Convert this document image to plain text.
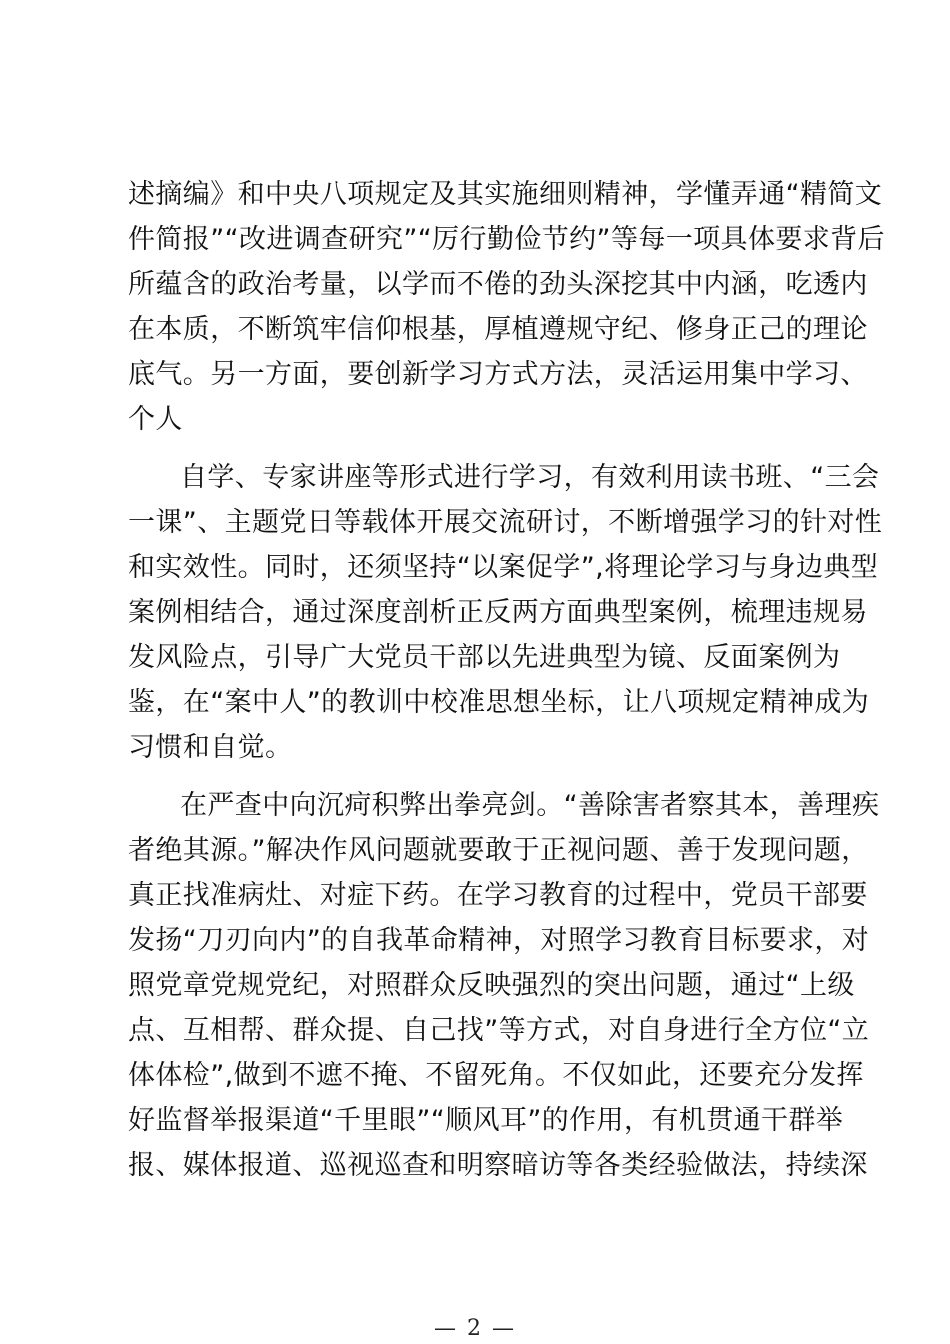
述摘编》和中央八项规定及其实施细则精神，学懂弄通“精简文
件简报”“改进调查研究”“厉行勤俭节约”等每一项具体要求背后
所蕴含的政治考量，以学而不倦的劲头深挖其中内涵，吃透内
在本质，不断筑牢信仰根基，厚植遵规守纪、修身正己的理论
底气。另一方面，要创新学习方式方法，灵活运用集中学习、
个人
自学、专家讲座等形式进行学习，有效利用读书班、“三会
一课”、主题党日等载体开展交流研讨，不断增强学习的针对性
和实效性。同时，还须坚持“以案促学”,将理论学习与身边典型
案例相结合，通过深度剖析正反两方面典型案例，梳理违规易
发风险点，引导广大党员干部以先进典型为镜、反面案例为
鉴，在“案中人”的教训中校准思想坐标，让八项规定精神成为
习惯和自觉。
在严查中向沉疴积弊出拳亮剑。“善除害者察其本，善理疾
者绝其源。”解决作风问题就要敢于正视问题、善于发现问题，
真正找准病灶、对症下药。在学习教育的过程中，党员干部要
发扬“刀刃向内”的自我革命精神，对照学习教育目标要求，对
照党章党规党纪，对照群众反映强烈的突出问题，通过“上级
点、互相帮、群众提、自己找”等方式，对自身进行全方位“立
体体检”,做到不遮不掩、不留死角。不仅如此，还要充分发挥
好监督举报渠道“千里眼”“顺风耳”的作用，有机贯通干群举
报、媒体报道、巡视巡查和明察暗访等各类经验做法，持续深
— 2 —
